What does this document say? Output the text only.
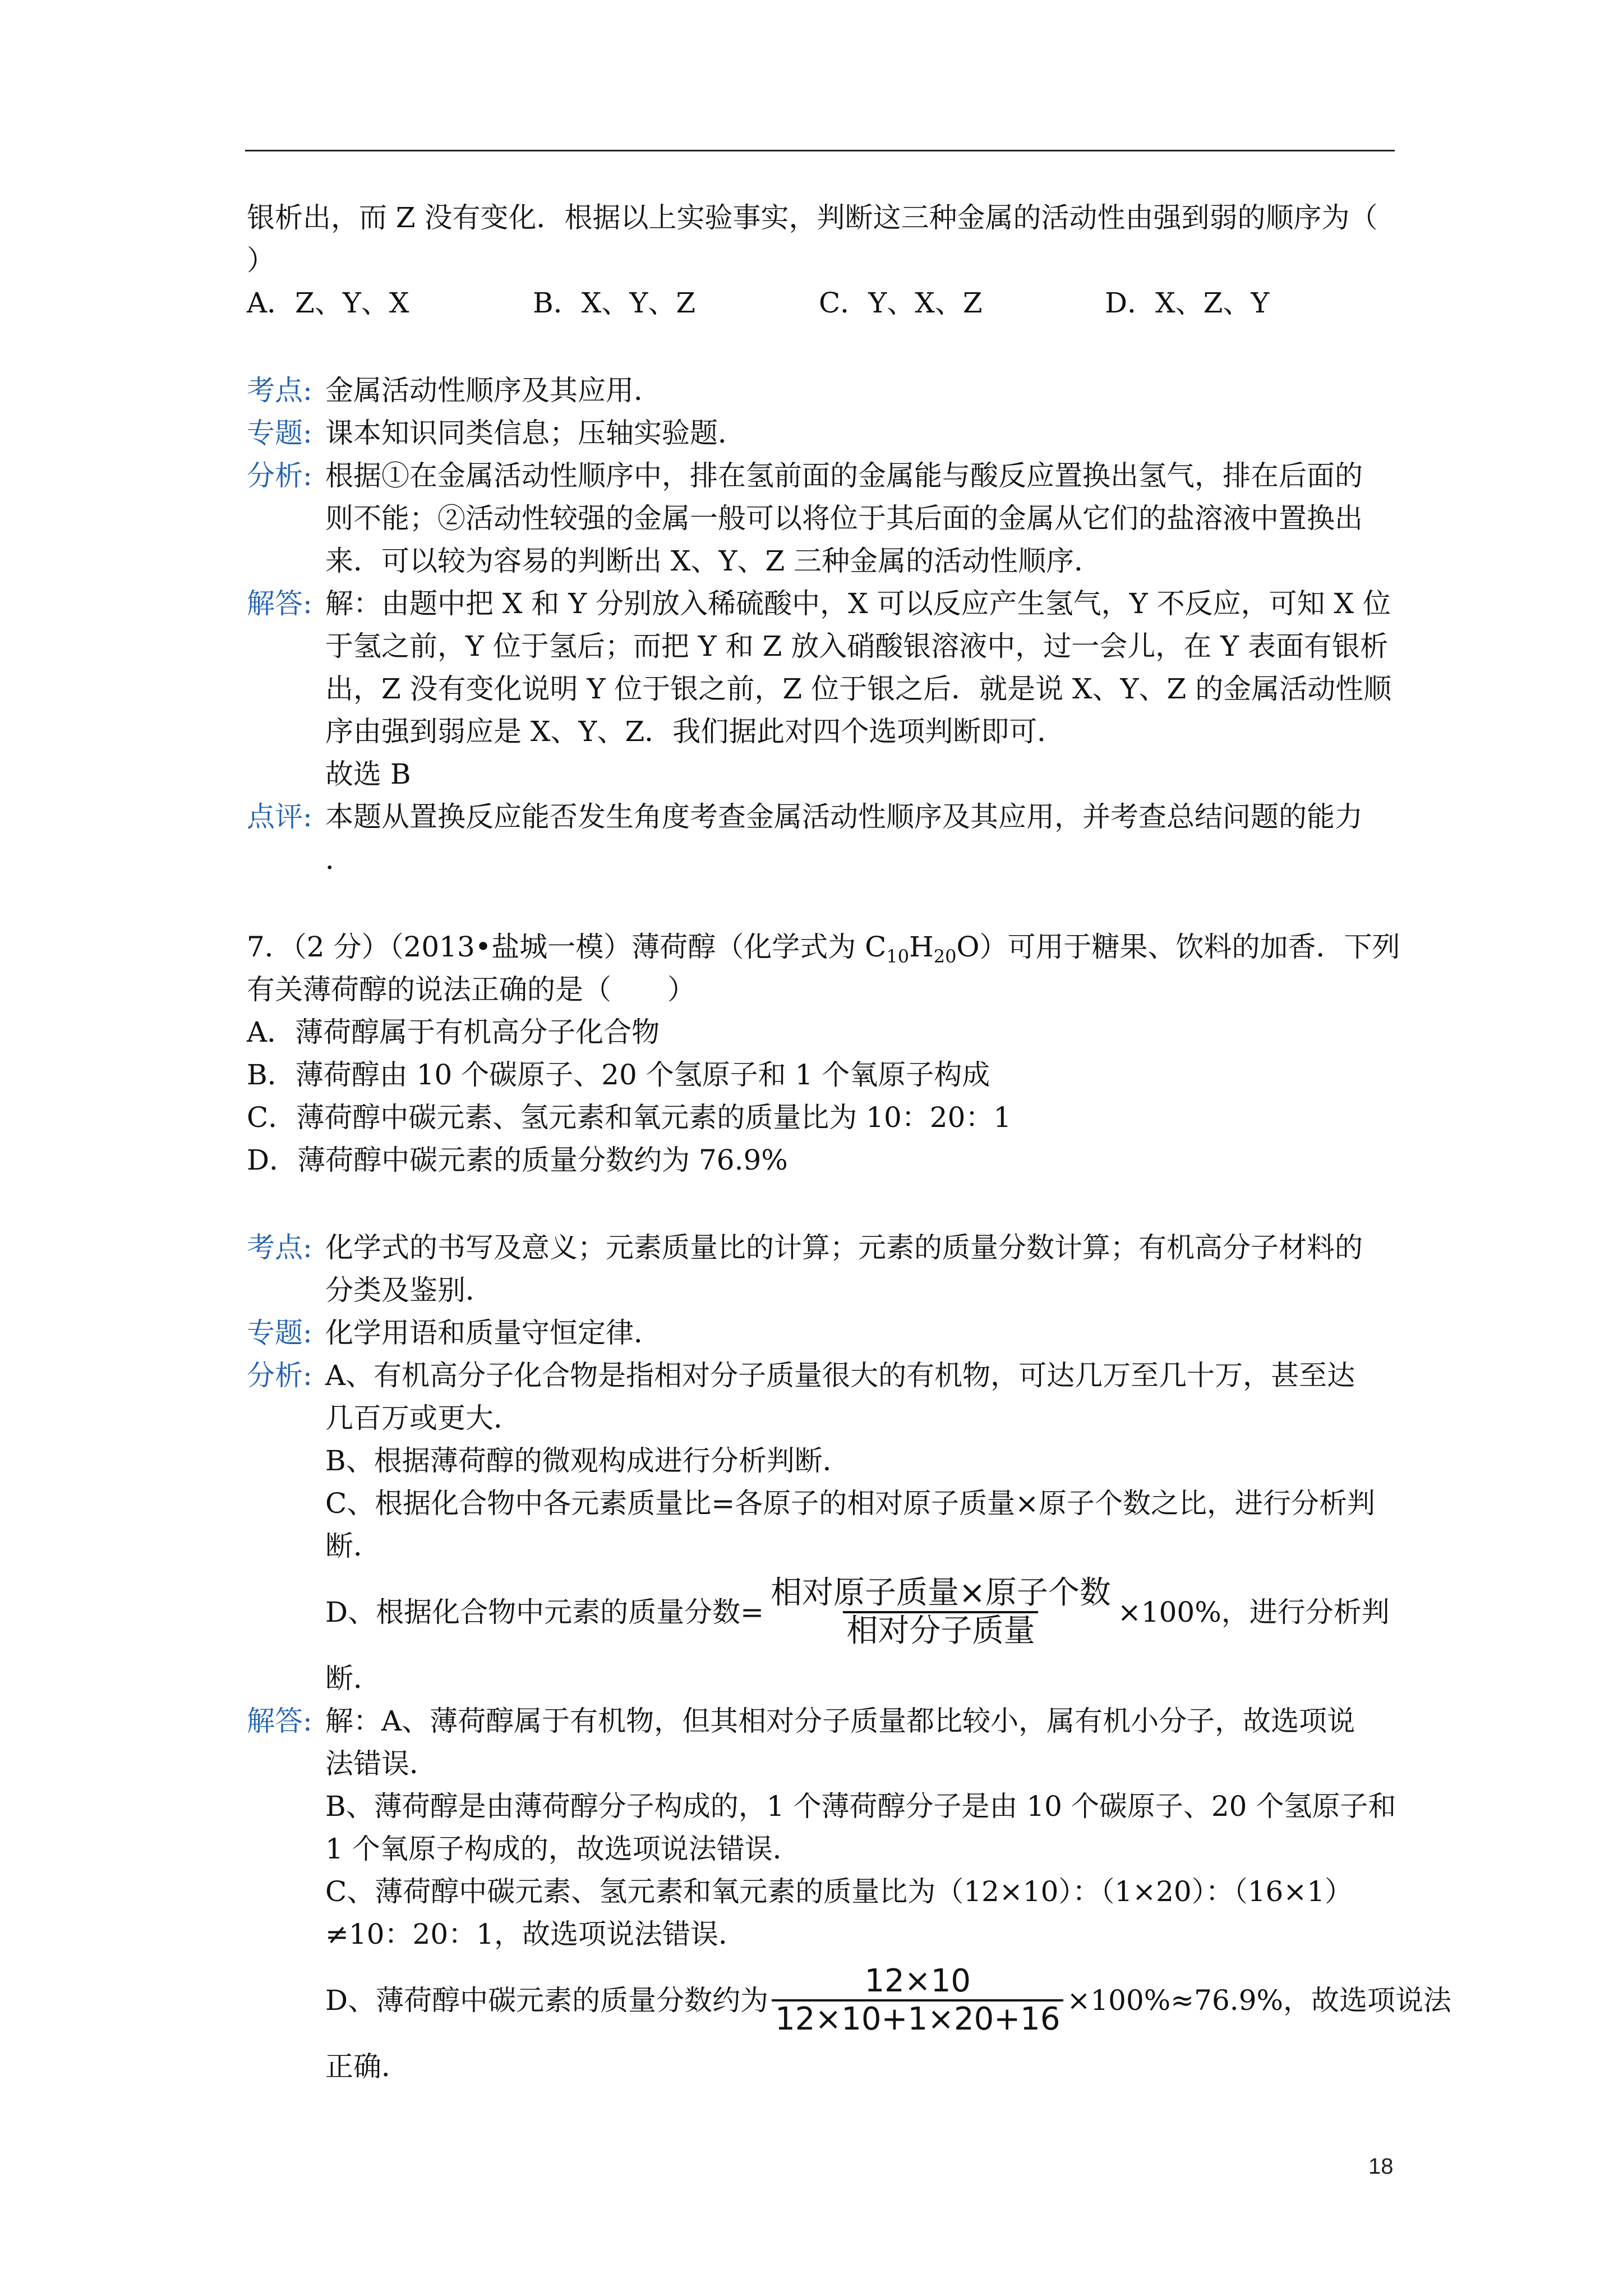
银析出，而 Z 没有变化．根据以上实验事实，判断这三种金属的活动性由强到弱的顺序为（
）
A．Z、Y、X	B．X、Y、Z	C．Y、X、Z	D．X、Z、Y
考点: 金属活动性顺序及其应用．
专题: 课本知识同类信息；压轴实验题．
分析: 根据①在金属活动性顺序中，排在氢前面的金属能与酸反应置换出氢气，排在后面的
则不能；②活动性较强的金属一般可以将位于其后面的金属从它们的盐溶液中置换出
来．可以较为容易的判断出 X、Y、Z 三种金属的活动性顺序．
解答: 解：由题中把 X 和 Y 分别放入稀硫酸中，X 可以反应产生氢气，Y 不反应，可知 X 位
于氢之前，Y 位于氢后；而把 Y 和 Z 放入硝酸银溶液中，过一会儿，在 Y 表面有银析
出，Z 没有变化说明 Y 位于银之前，Z 位于银之后．就是说 X、Y、Z 的金属活动性顺
序由强到弱应是 X、Y、Z．我们据此对四个选项判断即可．
故选 B
点评: 本题从置换反应能否发生角度考查金属活动性顺序及其应用，并考查总结问题的能力
．
7．（2 分）（2013•盐城一模）薄荷醇（化学式为 $C_{10}H_{20}O$）可用于糖果、饮料的加香．下列
有关薄荷醇的说法正确的是（　　）
A．薄荷醇属于有机高分子化合物
B．薄荷醇由 10 个碳原子、20 个氢原子和 1 个氧原子构成
C．薄荷醇中碳元素、氢元素和氧元素的质量比为 10：20：1
D．薄荷醇中碳元素的质量分数约为 76.9%
考点: 化学式的书写及意义；元素质量比的计算；元素的质量分数计算；有机高分子材料的
分类及鉴别．
专题: 化学用语和质量守恒定律．
分析: A、有机高分子化合物是指相对分子质量很大的有机物，可达几万至几十万，甚至达
几百万或更大．
B、根据薄荷醇的微观构成进行分析判断．
C、根据化合物中各元素质量比=各原子的相对原子质量×原子个数之比，进行分析判
断．
D、根据化合物中元素的质量分数= $\frac{\text{相对原子质量×原子个数}}{\text{相对分子质量}} \times 100\%$，进行分析判
断．
解答: 解：A、薄荷醇属于有机物，但其相对分子质量都比较小，属有机小分子，故选项说
法错误．
B、薄荷醇是由薄荷醇分子构成的，1 个薄荷醇分子是由 10 个碳原子、20 个氢原子和
1 个氧原子构成的，故选项说法错误．
C、薄荷醇中碳元素、氢元素和氧元素的质量比为（12×10）：（1×20）：（16×1）
≠10：20：1，故选项说法错误．
D、薄荷醇中碳元素的质量分数约为 $\frac{12\times 10}{12\times 10+1\times 20+16} \times 100\%\approx 76.9\%$，故选项说法
正确．
18
